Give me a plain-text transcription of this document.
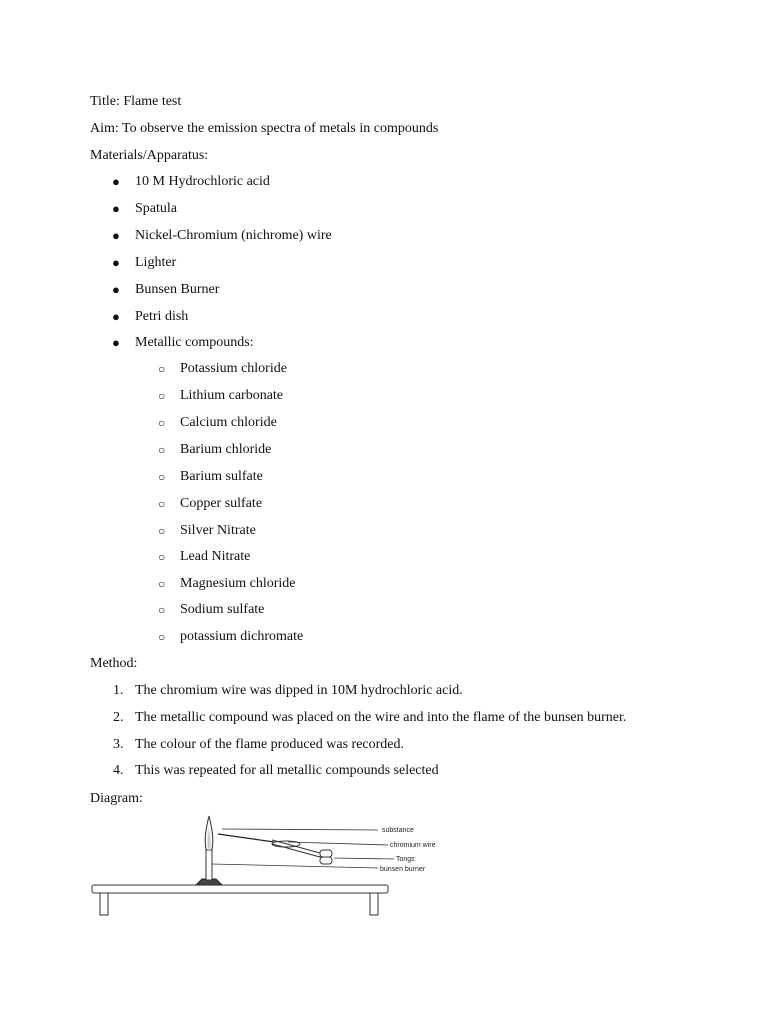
Title: Flame test
Aim: To observe the emission spectra of metals in compounds
Materials/Apparatus:
● 10 M Hydrochloric acid
● Spatula
● Nickel-Chromium (nichrome) wire
● Lighter
● Bunsen Burner
● Petri dish
● Metallic compounds:
○ Potassium chloride
○ Lithium carbonate
○ Calcium chloride
○ Barium chloride
○ Barium sulfate
○ Copper sulfate
○ Silver Nitrate
○ Lead Nitrate
○ Magnesium chloride
○ Sodium sulfate
○ potassium dichromate
Method:
1. The chromium wire was dipped in 10M hydrochloric acid.
2. The metallic compound was placed on the wire and into the flame of the bunsen burner.
3. The colour of the flame produced was recorded.
4. This was repeated for all metallic compounds selected
Diagram:
substance
chromium wire
Tongs
bunsen burner
